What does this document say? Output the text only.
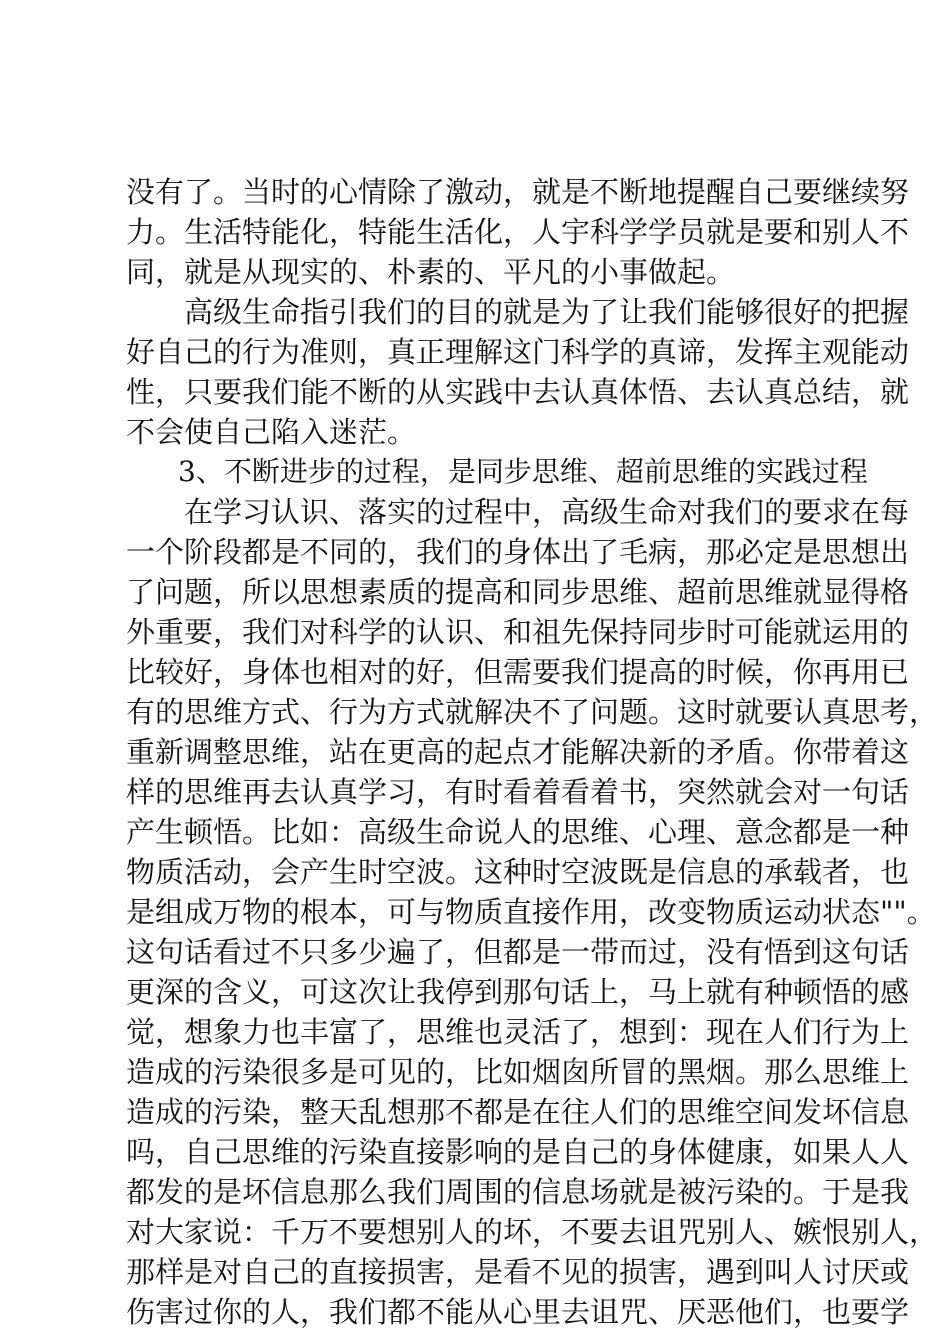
没有了。当时的心情除了激动，就是不断地提醒自己要继续努
力。生活特能化，特能生活化，人宇科学学员就是要和别人不
同，就是从现实的、朴素的、平凡的小事做起。
高级生命指引我们的目的就是为了让我们能够很好的把握
好自己的行为准则，真正理解这门科学的真谛，发挥主观能动
性，只要我们能不断的从实践中去认真体悟、去认真总结，就
不会使自己陷入迷茫。
3、不断进步的过程，是同步思维、超前思维的实践过程
在学习认识、落实的过程中，高级生命对我们的要求在每
一个阶段都是不同的，我们的身体出了毛病，那必定是思想出
了问题，所以思想素质的提高和同步思维、超前思维就显得格
外重要，我们对科学的认识、和祖先保持同步时可能就运用的
比较好，身体也相对的好，但需要我们提高的时候，你再用已
有的思维方式、行为方式就解决不了问题。这时就要认真思考，
重新调整思维，站在更高的起点才能解决新的矛盾。你带着这
样的思维再去认真学习，有时看着看着书，突然就会对一句话
产生顿悟。比如：高级生命说人的思维、心理、意念都是一种
物质活动，会产生时空波。这种时空波既是信息的承载者，也
是组成万物的根本，可与物质直接作用，改变物质运动状态""。
这句话看过不只多少遍了，但都是一带而过，没有悟到这句话
更深的含义，可这次让我停到那句话上，马上就有种顿悟的感
觉，想象力也丰富了，思维也灵活了，想到：现在人们行为上
造成的污染很多是可见的，比如烟囱所冒的黑烟。那么思维上
造成的污染，整天乱想那不都是在往人们的思维空间发坏信息
吗，自己思维的污染直接影响的是自己的身体健康，如果人人
都发的是坏信息那么我们周围的信息场就是被污染的。于是我
对大家说：千万不要想别人的坏，不要去诅咒别人、嫉恨别人，
那样是对自己的直接损害，是看不见的损害，遇到叫人讨厌或
伤害过你的人，我们都不能从心里去诅咒、厌恶他们，也要学
